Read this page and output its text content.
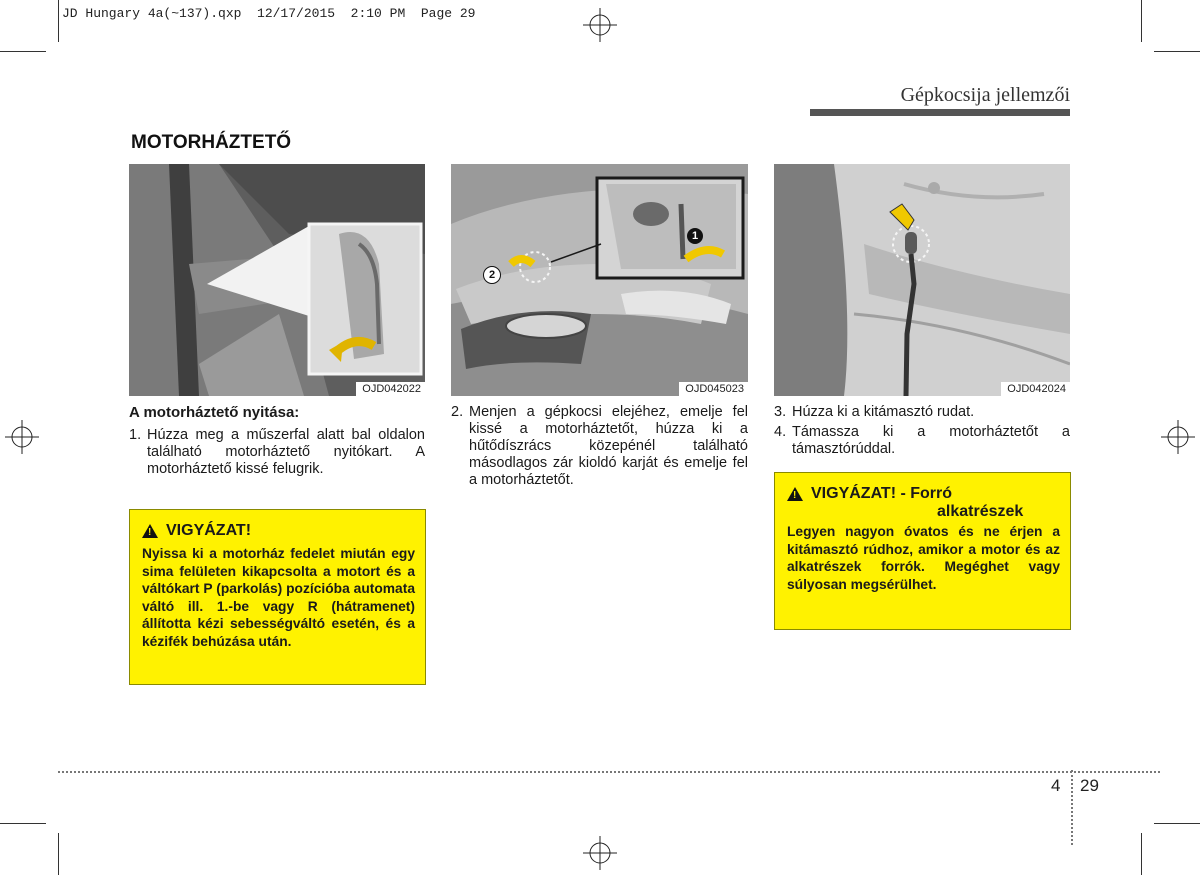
JD Hungary 4a(~137).qxp  12/17/2015  2:10 PM  Page 29
Gépkocsija jellemzői
MOTORHÁZTETŐ
OJD042022
1
2
OJD045023	OJD042024
A motorháztető nyitása:
1. Húzza meg a műszerfal alatt bal oldalon található motorháztető nyitókart. A motorháztető kissé felugrik.
! VIGYÁZAT!
Nyissa ki a motorház fedelet miután egy sima felületen kikapcsolta a motort és a váltókart P (parkolás) pozícióba automata váltó ill. 1.-be vagy R (hátramenet) állította kézi sebességváltó esetén, és a kézifék behúzása után.
2. Menjen a gépkocsi elejéhez, emelje fel kissé a motorháztetőt, húzza ki a hűtődíszrács közepénél található másodlagos zár kioldó karját és emelje fel a motorháztetőt.
3. Húzza ki a kitámasztó rudat.
4. Támassza ki a motorháztetőt a támasztórúddal.
! VIGYÁZAT! - Forró
alkatrészek
Legyen nagyon óvatos és ne érjen a kitámasztó rúdhoz, amikor a motor és az alkatrészek forrók. Megéghet vagy súlyosan megsérülhet.
4 29
